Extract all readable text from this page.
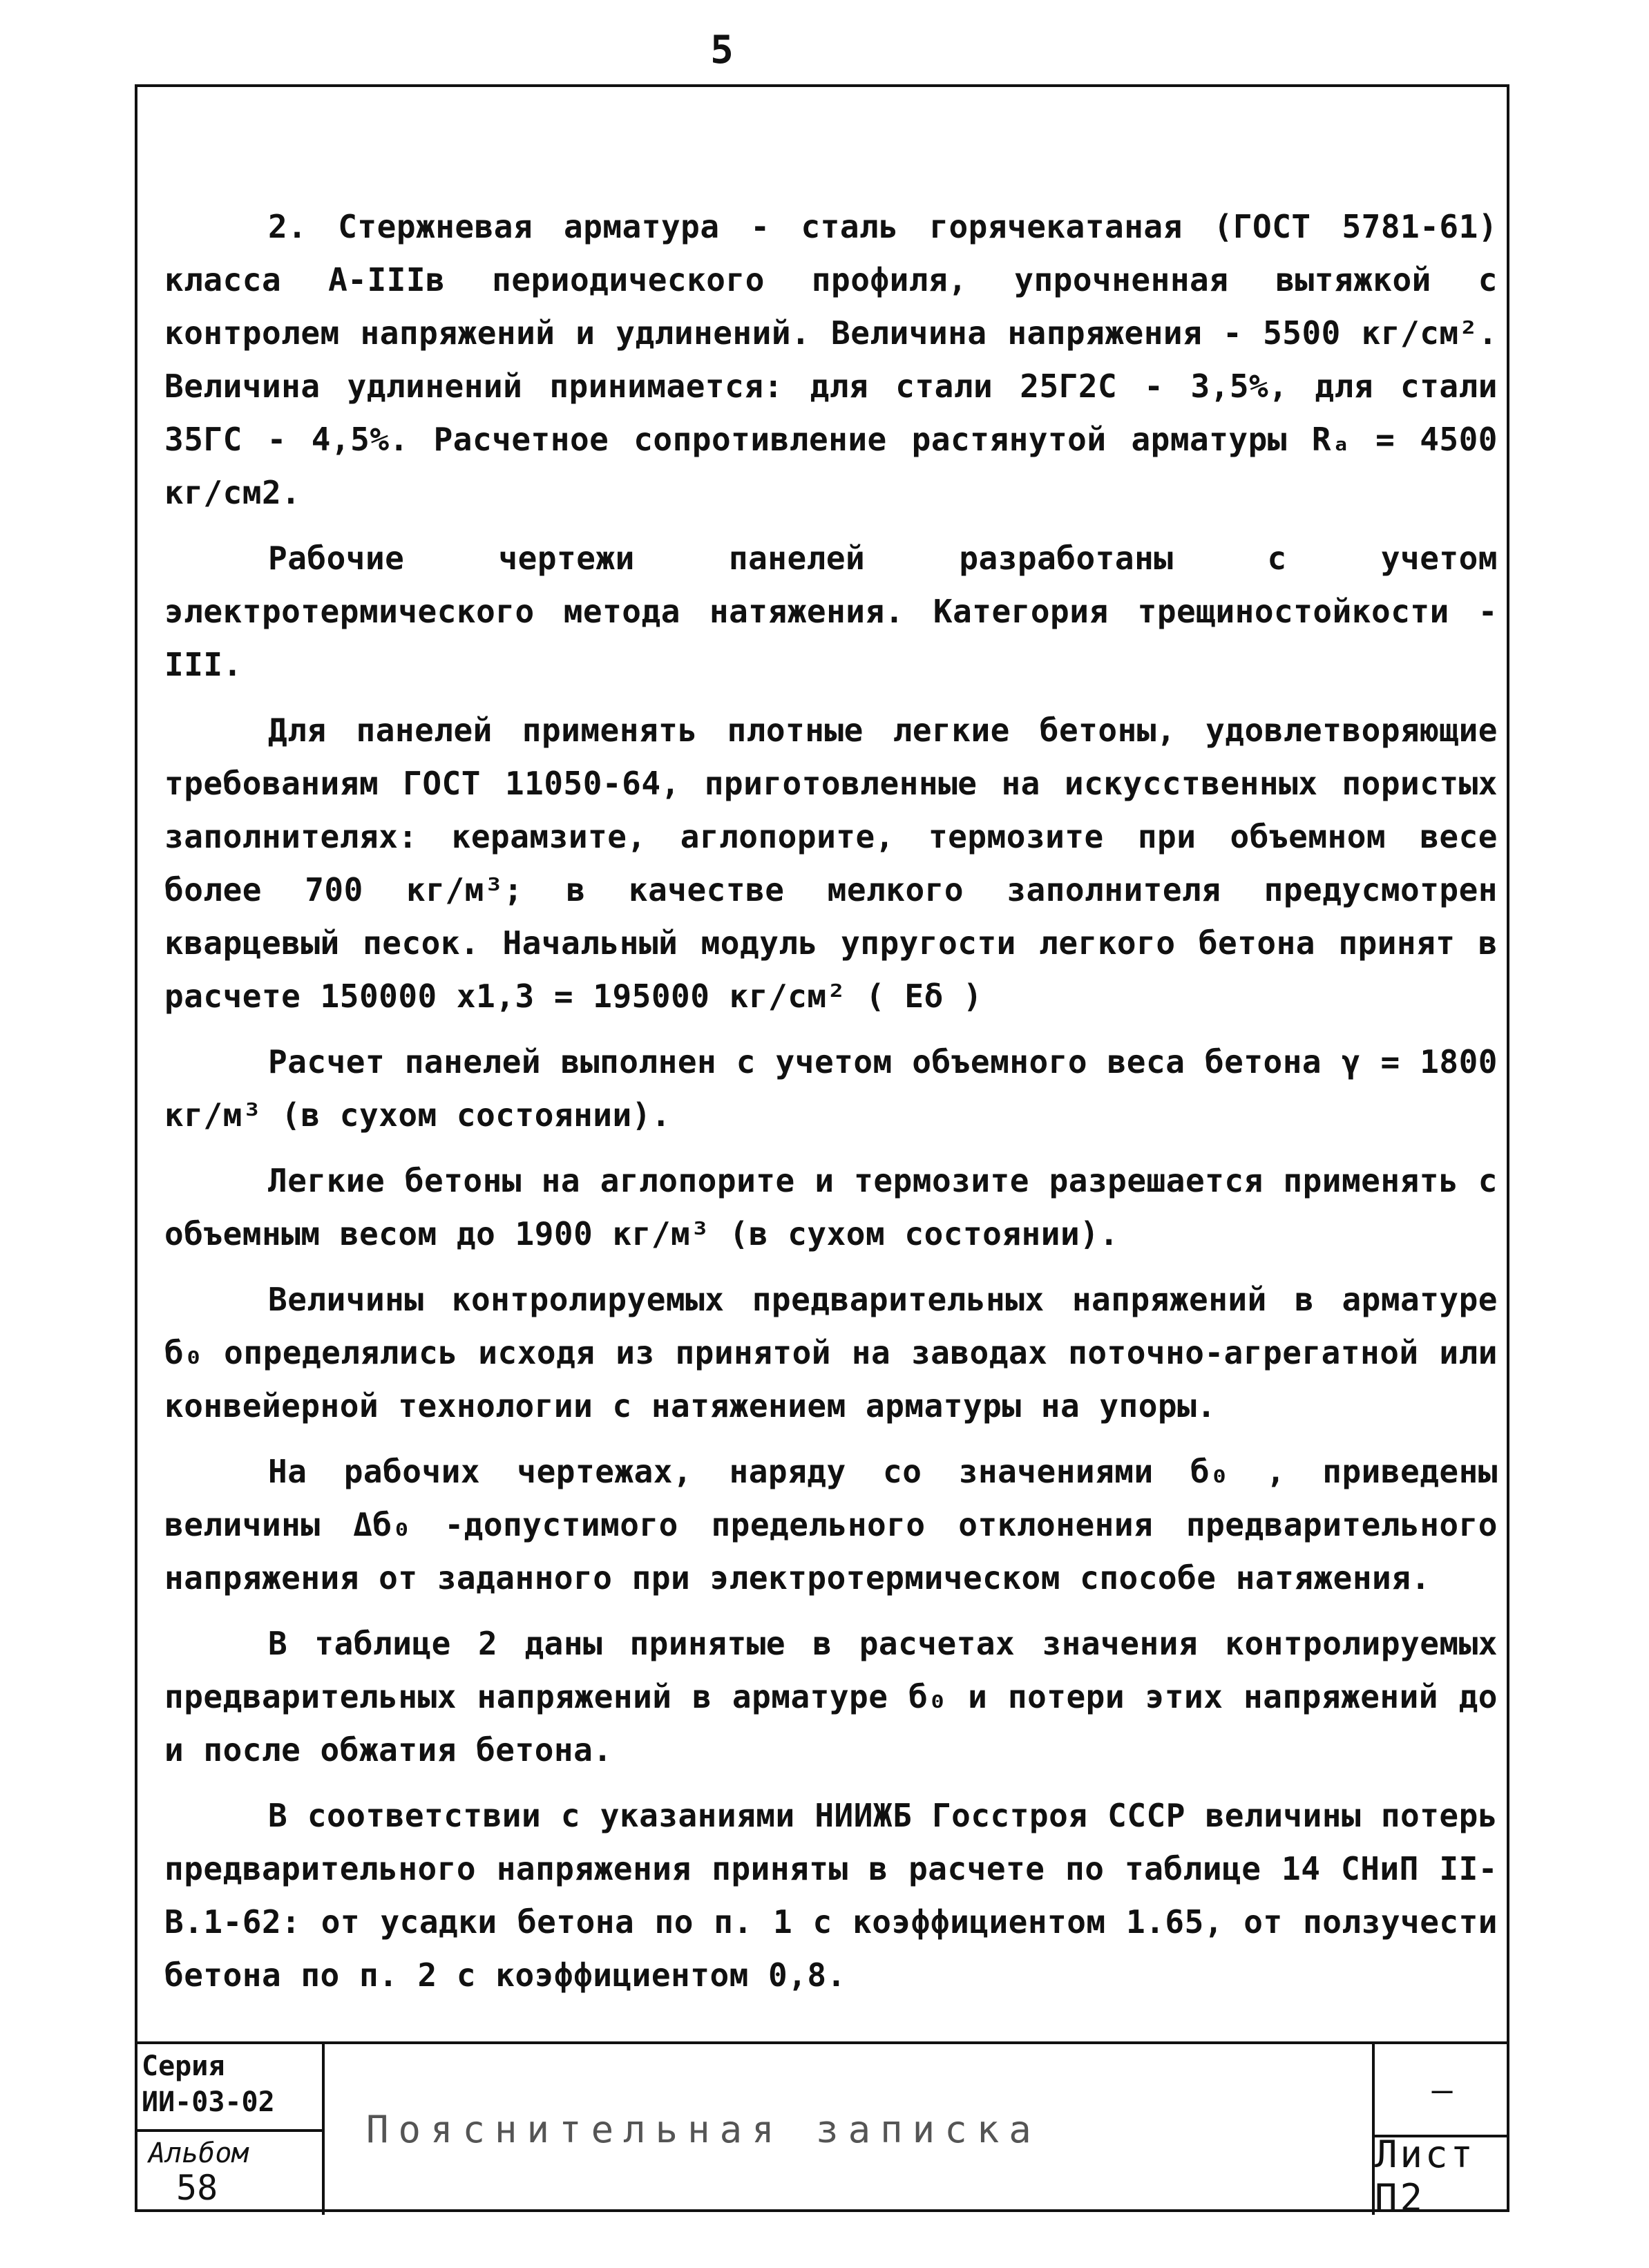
5

2. Стержневая арматура - сталь горячекатаная (ГОСТ 5781-61) класса А-IIIв периодического профиля, упрочненная вытяжкой с контролем напряжений и удлинений. Величина напряжения - 5500 кг/см². Величина удлинений принимается: для стали 25Г2С - 3,5%, для стали 35ГС - 4,5%. Расчетное сопротивление растянутой арматуры Rₐ = 4500 кг/см2.

Рабочие чертежи панелей разработаны с учетом электротермического метода натяжения. Категория трещиностойкости - III.

Для панелей применять плотные легкие бетоны, удовлетворяющие требованиям ГОСТ 11050-64, приготовленные на искусственных пористых заполнителях: керамзите, аглопорите, термозите при объемном весе более 700 кг/м³; в качестве мелкого заполнителя предусмотрен кварцевый песок. Начальный модуль упругости легкого бетона принят в расчете 150000 х1,3 = 195000 кг/см² ( Eδ )

Расчет панелей выполнен с учетом объемного веса бетона γ = 1800 кг/м³ (в сухом состоянии).

Легкие бетоны на аглопорите и термозите разрешается применять с объемным весом до 1900 кг/м³ (в сухом состоянии).

Величины контролируемых предварительных напряжений в арматуре б₀ определялись исходя из принятой на заводах поточно-агрегатной или конвейерной технологии с натяжением арматуры на упоры.

На рабочих чертежах, наряду со значениями б₀ , приведены величины Δб₀ -допустимого предельного отклонения предварительного напряжения от заданного при электротермическом способе натяжения.

В таблице 2 даны принятые в расчетах значения контролируемых предварительных напряжений в арматуре б₀ и потери этих напряжений до и после обжатия бетона.

В соответствии с указаниями НИИЖБ Госстроя СССР величины потерь предварительного напряжения приняты в расчете по таблице 14 СНиП II-В.1-62: от усадки бетона по п. 1 с коэффициентом 1.65, от ползучести бетона по п. 2 с коэффициентом 0,8.

Серия
ИИ-03-02
Альбом
58
Пояснительная записка
—
Лист П2
